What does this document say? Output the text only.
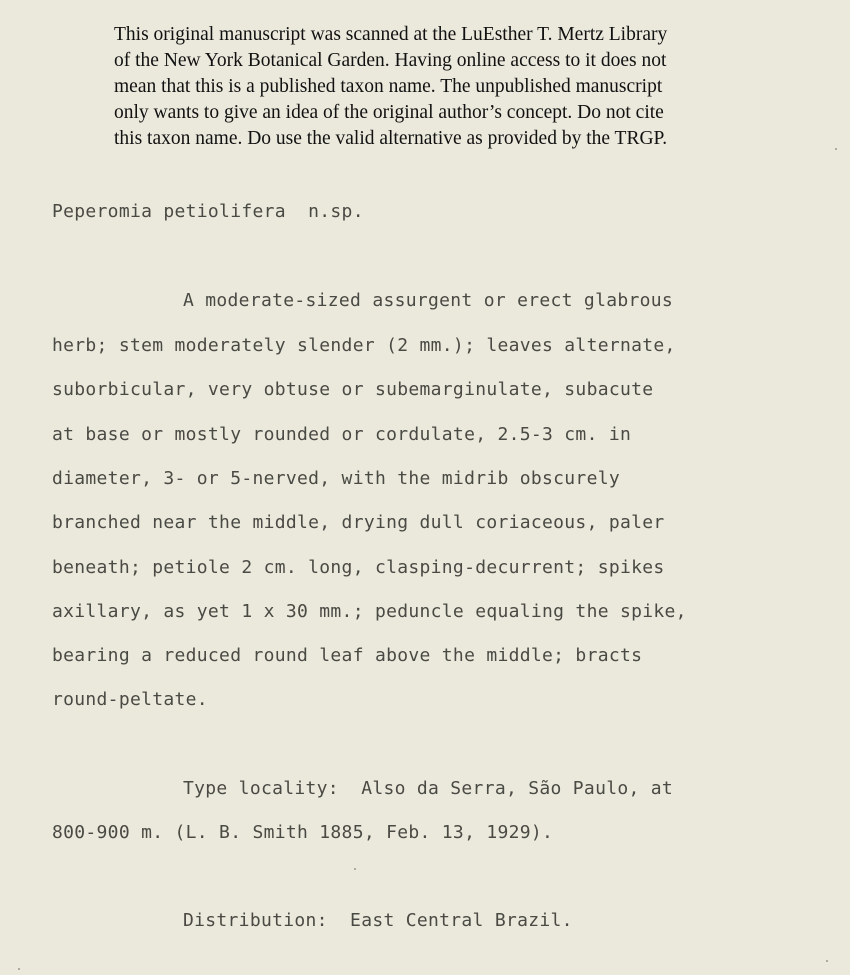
This original manuscript was scanned at the LuEsther T. Mertz Library
of the New York Botanical Garden. Having online access to it does not
mean that this is a published taxon name. The unpublished manuscript
only wants to give an idea of the original author’s concept. Do not cite
this taxon name. Do use the valid alternative as provided by the TRGP.
Peperomia petiolifera  n.sp.
A moderate-sized assurgent or erect glabrous
herb; stem moderately slender (2 mm.); leaves alternate,
suborbicular, very obtuse or subemarginulate, subacute
at base or mostly rounded or cordulate, 2.5-3 cm. in
diameter, 3- or 5-nerved, with the midrib obscurely
branched near the middle, drying dull coriaceous, paler
beneath; petiole 2 cm. long, clasping-decurrent; spikes
axillary, as yet 1 x 30 mm.; peduncle equaling the spike,
bearing a reduced round leaf above the middle; bracts
round-peltate.
Type locality:  Also da Serra, São Paulo, at
800-900 m. (L. B. Smith 1885, Feb. 13, 1929).
Distribution:  East Central Brazil.
